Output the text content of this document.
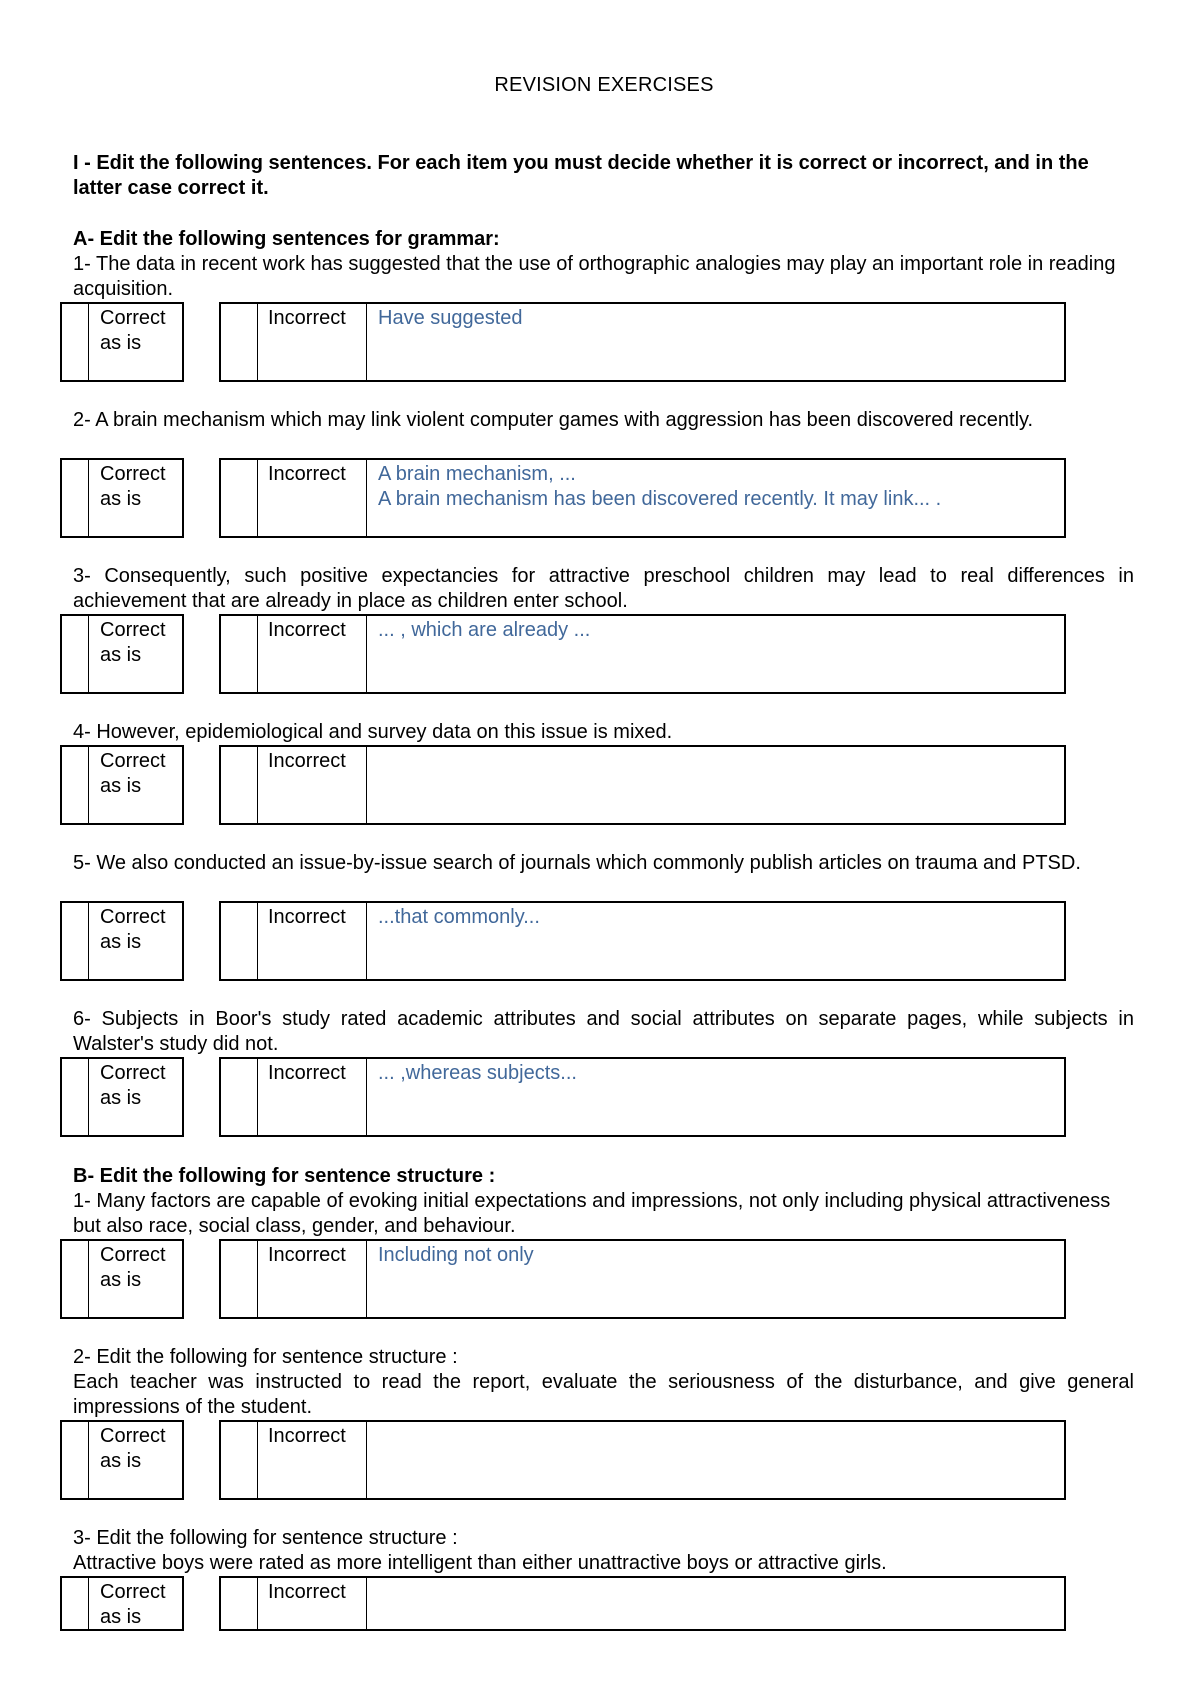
REVISION EXERCISES
I - Edit the following sentences. For each item you must decide whether it is correct or incorrect, and in the latter case correct it.
A- Edit the following sentences for grammar:
1- The data in recent work has suggested that the use of orthographic analogies may play an important role in reading acquisition.
Correct as is
Incorrect Have suggested
2- A brain mechanism which may link violent computer games with aggression has been discovered recently.
Correct as is
Incorrect A brain mechanism, ...
A brain mechanism has been discovered recently. It may link... .
3- Consequently, such positive expectancies for attractive preschool children may lead to real differences in achievement that are already in place as children enter school.
Correct as is
Incorrect ... , which are already ...
4- However, epidemiological and survey data on this issue is mixed.
Correct as is
Incorrect
5- We also conducted an issue-by-issue search of journals which commonly publish articles on trauma and PTSD.
Correct as is
Incorrect ...that commonly...
6- Subjects in Boor's study rated academic attributes and social attributes on separate pages, while subjects in Walster's study did not.
Correct as is
Incorrect ... ,whereas subjects...
B- Edit the following for sentence structure :
1- Many factors are capable of evoking initial expectations and impressions, not only including physical attractiveness but also race, social class, gender, and behaviour.
Correct as is
Incorrect Including not only
2- Edit the following for sentence structure :
Each teacher was instructed to read the report, evaluate the seriousness of the disturbance, and give general impressions of the student.
Correct as is
Incorrect
3- Edit the following for sentence structure :
Attractive boys were rated as more intelligent than either unattractive boys or attractive girls.
Correct as is
Incorrect
